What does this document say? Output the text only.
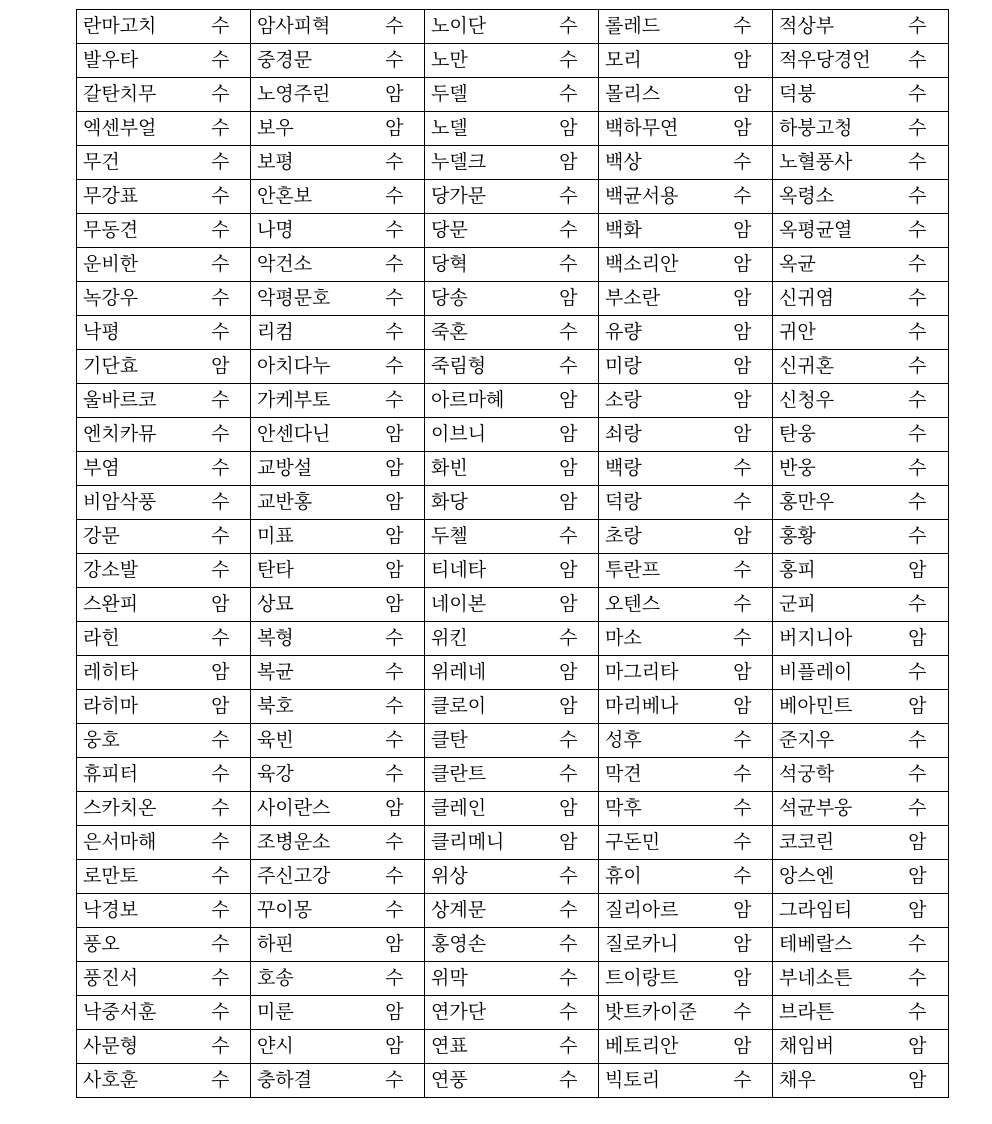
란마고치	수	암사피혁	수	노이단	수	롤레드	수	적상부	수
발우타	수	중경문	수	노만	수	모리	암	적우당경언	수
갈탄치무	수	노영주린	암	두델	수	몰리스	암	덕붕	수
엑센부얼	수	보우	암	노델	암	백하무연	암	하붕고청	수
무건	수	보평	수	누델크	암	백상	수	노혈풍사	수
무강표	수	안혼보	수	당가문	수	백균서용	수	옥령소	수
무동견	수	나명	수	당문	수	백화	암	옥평균열	수
운비한	수	악건소	수	당혁	수	백소리안	암	옥균	수
녹강우	수	악평문호	수	당송	암	부소란	암	신귀염	수
낙평	수	리컴	수	죽혼	수	유량	암	귀안	수
기단효	암	아치다누	수	죽림형	수	미랑	암	신귀혼	수
울바르코	수	가케부토	수	아르마혜	암	소랑	암	신청우	수
엔치카뮤	수	안센다닌	암	이브니	암	쇠랑	암	탄웅	수
부염	수	교방설	암	화빈	암	백랑	수	반웅	수
비암삭풍	수	교반홍	암	화당	암	덕랑	수	홍만우	수
강문	수	미표	암	두첼	수	초랑	암	홍황	수
강소발	수	탄타	암	티네타	암	투란프	수	홍피	암
스완피	암	상묘	암	네이본	암	오텐스	수	군피	수
라힌	수	복형	수	위킨	수	마소	수	버지니아	암
레히타	암	복균	수	위레네	암	마그리타	암	비플레이	수
라히마	암	북호	수	클로이	암	마리베나	암	베아민트	암
웅호	수	육빈	수	클탄	수	성후	수	준지우	수
휴피터	수	육강	수	클란트	수	막견	수	석궁학	수
스카치온	수	사이란스	암	클레인	암	막후	수	석균부웅	수
은서마해	수	조병운소	수	클리메니	암	구돈민	수	코코린	암
로만토	수	주신고강	수	위상	수	휴이	수	앙스엔	암
낙경보	수	꾸이몽	수	상계문	수	질리아르	암	그라임티	암
풍오	수	하핀	암	홍영손	수	질로카니	암	테베랄스	수
풍진서	수	호송	수	위막	수	트이랑트	암	부네소튼	수
낙중서훈	수	미룬	암	연가단	수	밧트카이준	수	브라튼	수
사문형	수	얀시	암	연표	수	베토리안	암	채임버	암
사호훈	수	충하결	수	연풍	수	빅토리	수	채우	암
